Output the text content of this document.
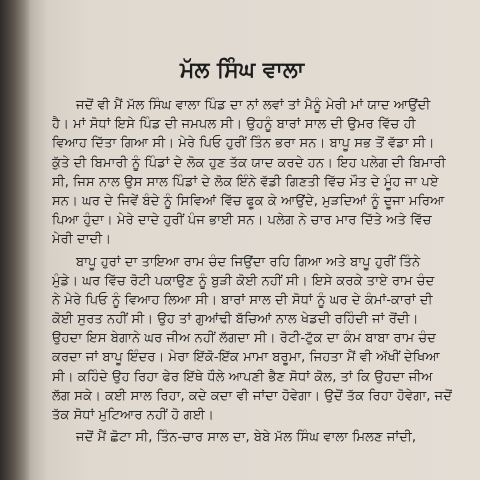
ਮੱਲ ਸਿੰਘ ਵਾਲਾ
ਜਦੋਂ ਵੀ ਮੈਂ ਮੱਲ ਸਿੰਘ ਵਾਲਾ ਪਿੰਡ ਦਾ ਨਾਂ ਲਵਾਂ ਤਾਂ ਮੈਨੂੰ ਮੇਰੀ ਮਾਂ ਯਾਦ ਆਉਂਦੀ
ਹੈ। ਮਾਂ ਸੋਧਾਂ ਇਸੇ ਪਿੰਡ ਦੀ ਜਮਪਲ ਸੀ। ਉਹਨੂੰ ਬਾਰਾਂ ਸਾਲ ਦੀ ਉਮਰ ਵਿੱਚ ਹੀ
ਵਿਆਹ ਦਿੱਤਾ ਗਿਆ ਸੀ। ਮੇਰੇ ਪਿਓ ਹੁਰੀਂ ਤਿੰਨ ਭਰਾ ਸਨ। ਬਾਪੂ ਸਭ ਤੋਂ ਵੱਡਾ ਸੀ।
ਕੁੱਤੇ ਦੀ ਬਿਮਾਰੀ ਨੂੰ ਪਿੰਡਾਂ ਦੇ ਲੋਕ ਹੁਣ ਤੱਕ ਯਾਦ ਕਰਦੇ ਹਨ। ਇਹ ਪਲੇਗ ਦੀ ਬਿਮਾਰੀ
ਸੀ, ਜਿਸ ਨਾਲ ਉਸ ਸਾਲ ਪਿੰਡਾਂ ਦੇ ਲੋਕ ਇੰਨੇ ਵੱਡੀ ਗਿਣਤੀ ਵਿੱਚ ਮੌਤ ਦੇ ਮੂੰਹ ਜਾ ਪਏ
ਸਨ। ਘਰ ਦੇ ਜਿਵੇਂ ਬੰਦੇ ਨੂੰ ਸਿਵਿਆਂ ਵਿੱਚ ਫੂਕ ਕੇ ਆਉਂਦੇ, ਮੁੜਦਿਆਂ ਨੂੰ ਦੂਜਾ ਮਰਿਆ
ਪਿਆ ਹੁੰਦਾ। ਮੇਰੇ ਦਾਦੇ ਹੁਰੀਂ ਪੰਜ ਭਾਈ ਸਨ। ਪਲੇਗ ਨੇ ਚਾਰ ਮਾਰ ਦਿੱਤੇ ਅਤੇ ਵਿੱਚ
ਮੇਰੀ ਦਾਦੀ।
ਬਾਪੂ ਹੁਰਾਂ ਦਾ ਤਾਇਆ ਰਾਮ ਚੰਦ ਜਿਉਂਦਾ ਰਹਿ ਗਿਆ ਅਤੇ ਬਾਪੂ ਹੁਰੀਂ ਤਿੰਨੇ
ਮੁੰਡੇ। ਘਰ ਵਿੱਚ ਰੋਟੀ ਪਕਾਉਣ ਨੂੰ ਬੁੜੀ ਕੋਈ ਨਹੀਂ ਸੀ। ਇਸੇ ਕਰਕੇ ਤਾਏ ਰਾਮ ਚੰਦ
ਨੇ ਮੇਰੇ ਪਿਓ ਨੂੰ ਵਿਆਹ ਲਿਆ ਸੀ। ਬਾਰਾਂ ਸਾਲ ਦੀ ਸੋਧਾਂ ਨੂੰ ਘਰ ਦੇ ਕੰਮਾਂ-ਕਾਰਾਂ ਦੀ
ਕੋਈ ਸੁਰਤ ਨਹੀਂ ਸੀ। ਉਹ ਤਾਂ ਗੁਆਂਢੀ ਬੱਚਿਆਂ ਨਾਲ ਖੇਡਦੀ ਰਹਿੰਦੀ ਜਾਂ ਰੋਂਦੀ।
ਉਹਦਾ ਇਸ ਬੇਗਾਨੇ ਘਰ ਜੀਅ ਨਹੀਂ ਲੱਗਦਾ ਸੀ। ਰੋਟੀ-ਟੁੱਕ ਦਾ ਕੰਮ ਬਾਬਾ ਰਾਮ ਚੰਦ
ਕਰਦਾ ਜਾਂ ਬਾਪੂ ਇੰਦਰ। ਮੇਰਾ ਇੱਕੋ-ਇੱਕ ਮਾਮਾ ਬਰੂਮਾ, ਜਿਹਤਾ ਮੈਂ ਵੀ ਅੱਖੀਂ ਦੇਖਿਆ
ਸੀ। ਕਹਿੰਦੇ ਉਹ ਰਿਹਾ ਫੇਰ ਇੱਥੇ ਧੌਲੇ ਆਪਣੀ ਭੈਣ ਸੋਧਾਂ ਕੋਲ, ਤਾਂ ਕਿ ਉਹਦਾ ਜੀਅ
ਲੱਗ ਸਕੇ। ਕਈ ਸਾਲ ਰਿਹਾ, ਕਦੇ ਕਦਾ ਵੀ ਜਾਂਦਾ ਹੋਵੇਗਾ। ਉਦੋਂ ਤੱਕ ਰਿਹਾ ਹੋਵੇਗਾ, ਜਦੋਂ
ਤੱਕ ਸੋਧਾਂ ਮੁਟਿਆਰ ਨਹੀਂ ਹੋ ਗਈ।
ਜਦੋਂ ਮੈਂ ਛੋਟਾ ਸੀ, ਤਿੰਨ-ਚਾਰ ਸਾਲ ਦਾ, ਬੇਬੇ ਮੱਲ ਸਿੰਘ ਵਾਲਾ ਮਿਲਣ ਜਾਂਦੀ,
